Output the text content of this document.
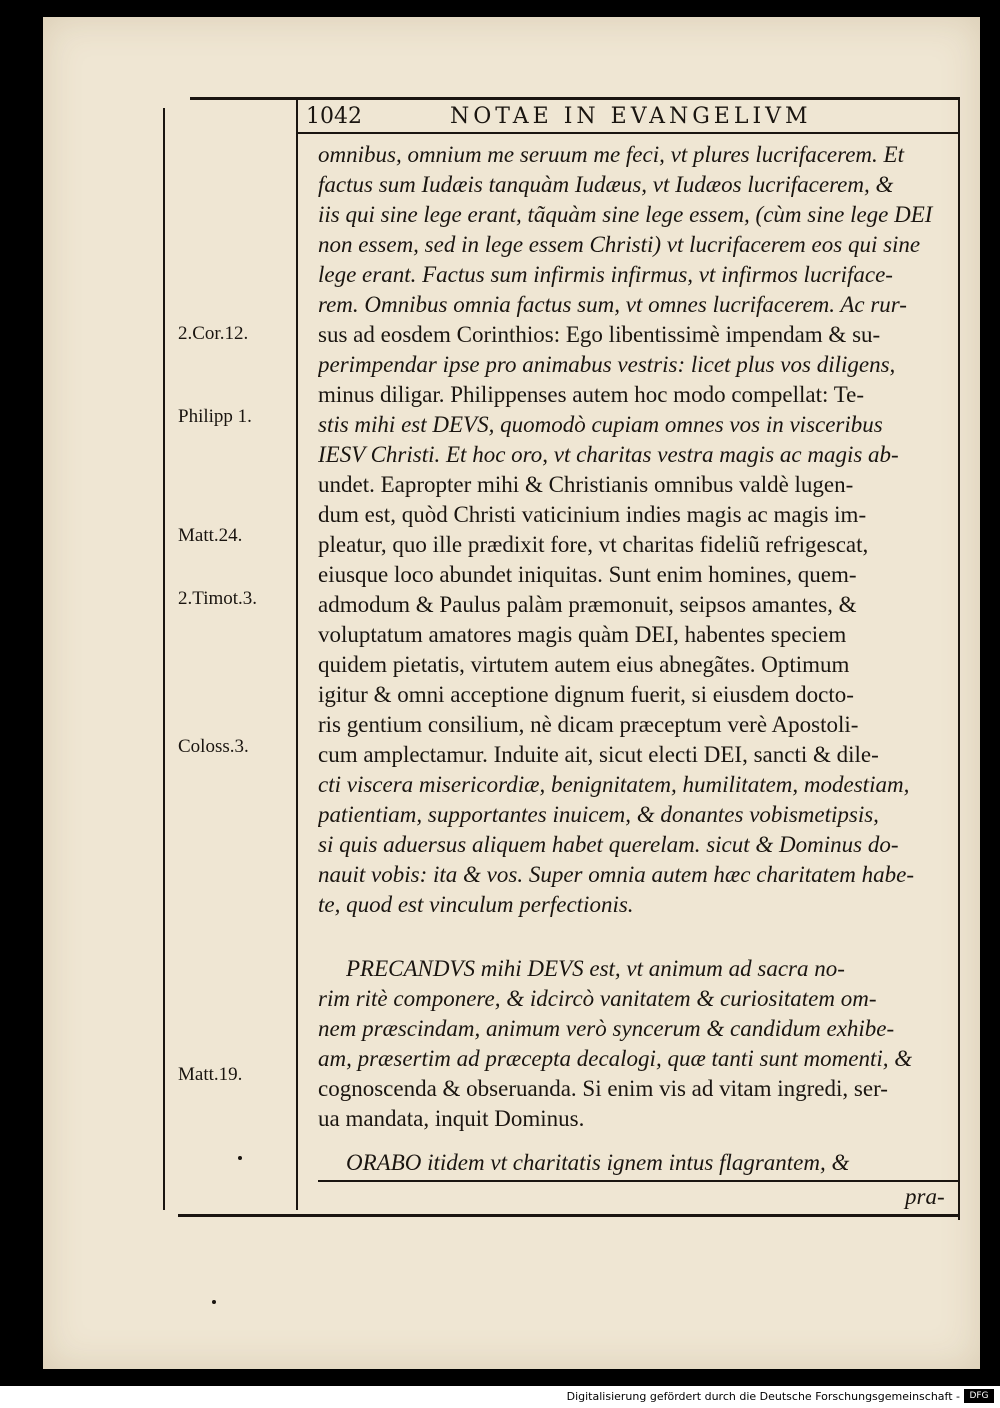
1042	NOTAE IN EVANGELIVM
omnibus, omnium me seruum me feci, vt plures lucrifacerem. Et
factus sum Iudæis tanquàm Iudæus, vt Iudæos lucrifacerem, &
iis qui sine lege erant, tãquàm sine lege essem, (cùm sine lege DEI
non essem, sed in lege essem Christi) vt lucrifacerem eos qui sine
lege erant. Factus sum infirmis infirmus, vt infirmos lucriface-
rem. Omnibus omnia factus sum, vt omnes lucrifacerem. Ac rur-
sus ad eosdem Corinthios: Ego libentissimè impendam & su-
perimpendar ipse pro animabus vestris: licet plus vos diligens,
minus diligar. Philippenses autem hoc modo compellat: Te-
stis mihi est DEVS, quomodò cupiam omnes vos in visceribus
IESV Christi. Et hoc oro, vt charitas vestra magis ac magis ab-
undet. Eapropter mihi & Christianis omnibus valdè lugen-
dum est, quòd Christi vaticinium indies magis ac magis im-
pleatur, quo ille prædixit fore, vt charitas fideliũ refrigescat,
eiusque loco abundet iniquitas. Sunt enim homines, quem-
admodum & Paulus palàm præmonuit, seipsos amantes, &
voluptatum amatores magis quàm DEI, habentes speciem
quidem pietatis, virtutem autem eius abnegãtes. Optimum
igitur & omni acceptione dignum fuerit, si eiusdem docto-
ris gentium consilium, nè dicam præceptum verè Apostoli-
cum amplectamur. Induite ait, sicut electi DEI, sancti & dile-
cti viscera misericordiæ, benignitatem, humilitatem, modestiam,
patientiam, supportantes inuicem, & donantes vobismetipsis,
si quis aduersus aliquem habet querelam. sicut & Dominus do-
nauit vobis: ita & vos. Super omnia autem hæc charitatem habe-
te, quod est vinculum perfectionis.
PRECANDVS mihi DEVS est, vt animum ad sacra no-
rim ritè componere, & idcircò vanitatem & curiositatem om-
nem præscindam, animum verò syncerum & candidum exhibe-
am, præsertim ad præcepta decalogi, quæ tanti sunt momenti, &
cognoscenda & obseruanda. Si enim vis ad vitam ingredi, ser-
ua mandata, inquit Dominus.
ORABO itidem vt charitatis ignem intus flagrantem, &
pra-
2.Cor.12.
Philipp 1.
Matt.24.
2.Timot.3.
Coloss.3.
Matt.19.
Digitalisierung gefördert durch die Deutsche Forschungsgemeinschaft -	DFG
